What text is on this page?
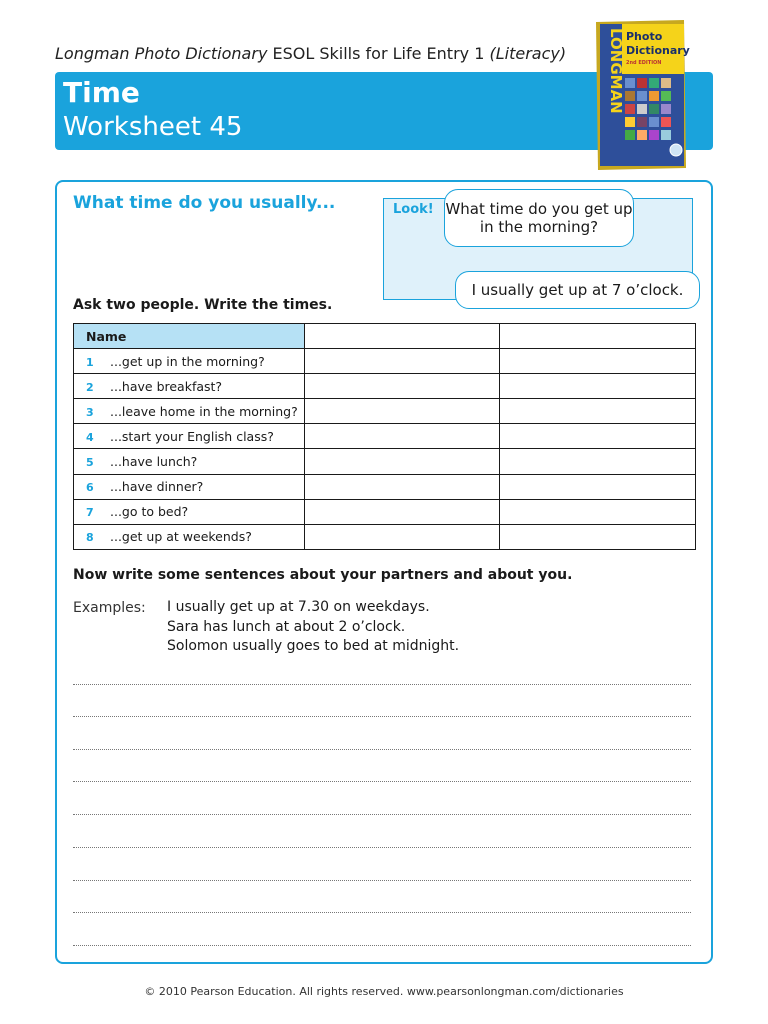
Longman Photo Dictionary ESOL Skills for Life Entry 1 (Literacy)
Time
Worksheet 45
LONGMAN Photo
Dictionary
2nd EDITION
What time do you usually...	Look! What time do you get up in the morning?
I usually get up at 7 o’clock.
Ask two people. Write the times.
Name		
1 ...get up in the morning?		
2 ...have breakfast?		
3 ...leave home in the morning?		
4 ...start your English class?		
5 ...have lunch?		
6 ...have dinner?		
7 ...go to bed?		
8 ...get up at weekends?		
Now write some sentences about your partners and about you.
Examples: I usually get up at 7.30 on weekdays.
Sara has lunch at about 2 o’clock.
Solomon usually goes to bed at midnight.
© 2010 Pearson Education. All rights reserved. www.pearsonlongman.com/dictionaries
